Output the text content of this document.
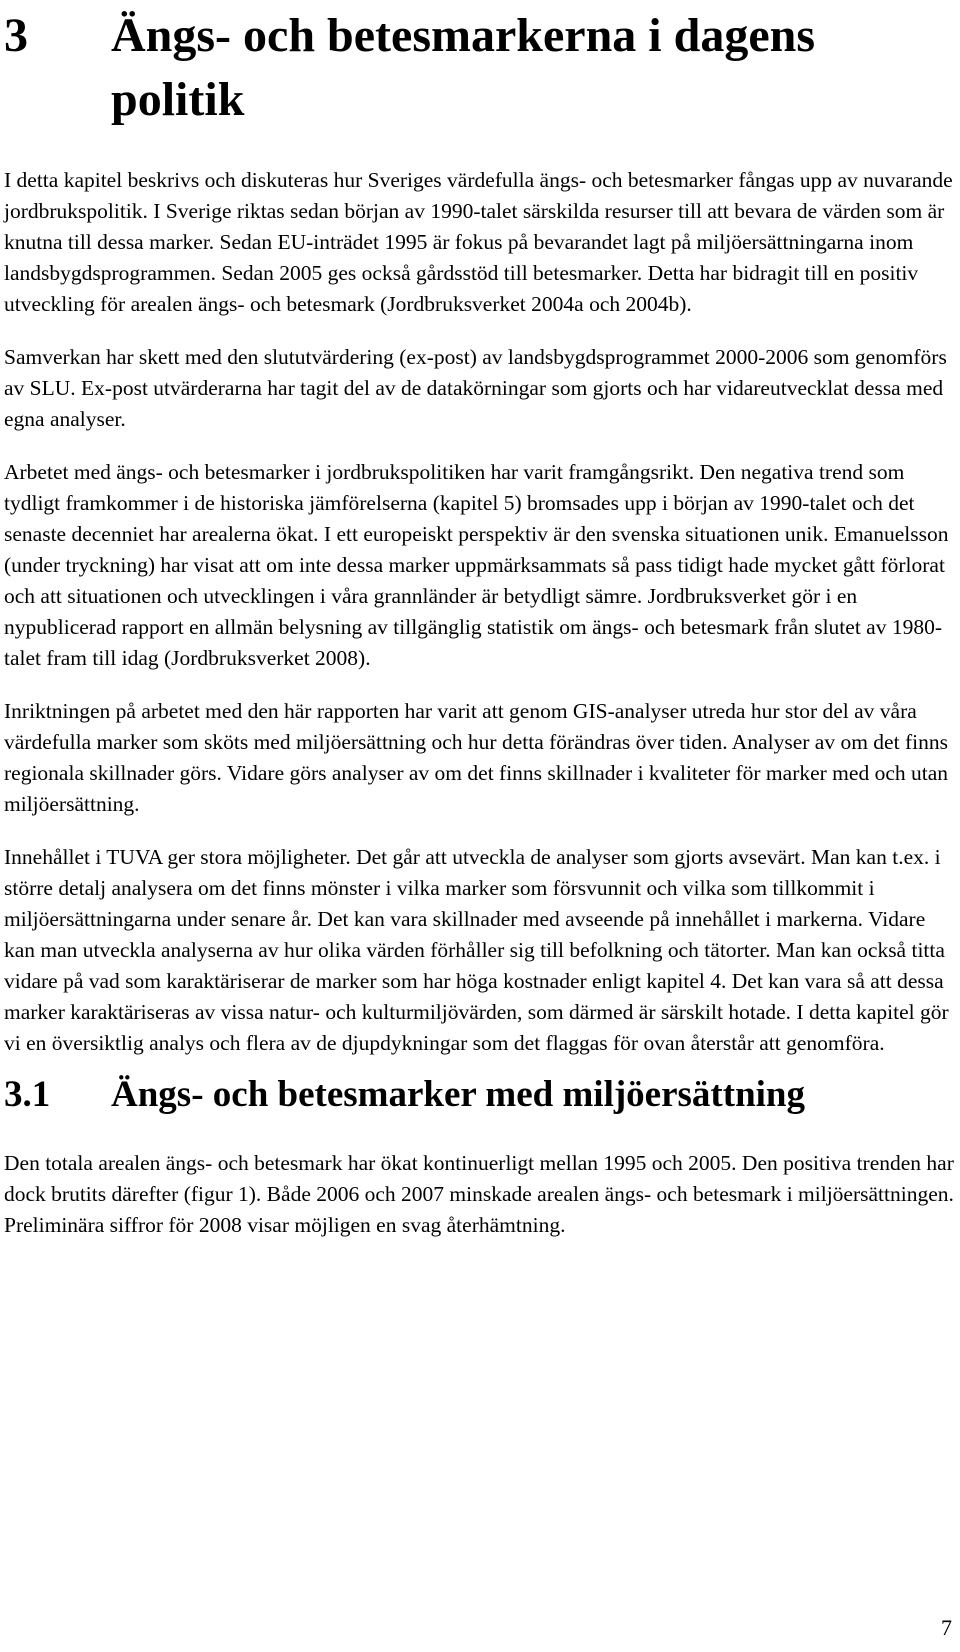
3 Ängs- och betesmarkerna i dagens politik

I detta kapitel beskrivs och diskuteras hur Sveriges värdefulla ängs- och betesmarker fångas upp av nuvarande jordbrukspolitik. I Sverige riktas sedan början av 1990-talet särskilda resurser till att bevara de värden som är knutna till dessa marker. Sedan EU-inträdet 1995 är fokus på bevarandet lagt på miljöersättningarna inom landsbygdsprogrammen. Sedan 2005 ges också gårdsstöd till betesmarker. Detta har bidragit till en positiv utveckling för arealen ängs- och betesmark (Jordbruksverket 2004a och 2004b).

Samverkan har skett med den slututvärdering (ex-post) av landsbygdsprogrammet 2000-2006 som genomförs av SLU. Ex-post utvärderarna har tagit del av de datakörningar som gjorts och har vidareutvecklat dessa med egna analyser.

Arbetet med ängs- och betesmarker i jordbrukspolitiken har varit framgångsrikt. Den negativa trend som tydligt framkommer i de historiska jämförelserna (kapitel 5) bromsades upp i början av 1990-talet och det senaste decenniet har arealerna ökat. I ett europeiskt perspektiv är den svenska situationen unik. Emanuelsson (under tryckning) har visat att om inte dessa marker uppmärksammats så pass tidigt hade mycket gått förlorat och att situationen och utvecklingen i våra grannländer är betydligt sämre. Jordbruksverket gör i en nypublicerad rapport en allmän belysning av tillgänglig statistik om ängs- och betesmark från slutet av 1980-talet fram till idag (Jordbruksverket 2008).

Inriktningen på arbetet med den här rapporten har varit att genom GIS-analyser utreda hur stor del av våra värdefulla marker som sköts med miljöersättning och hur detta förändras över tiden. Analyser av om det finns regionala skillnader görs. Vidare görs analyser av om det finns skillnader i kvaliteter för marker med och utan miljöersättning.

Innehållet i TUVA ger stora möjligheter. Det går att utveckla de analyser som gjorts avsevärt. Man kan t.ex. i större detalj analysera om det finns mönster i vilka marker som försvunnit och vilka som tillkommit i miljöersättningarna under senare år. Det kan vara skillnader med avseende på innehållet i markerna. Vidare kan man utveckla analyserna av hur olika värden förhåller sig till befolkning och tätorter. Man kan också titta vidare på vad som karaktäriserar de marker som har höga kostnader enligt kapitel 4. Det kan vara så att dessa marker karaktäriseras av vissa natur- och kulturmiljövärden, som därmed är särskilt hotade. I detta kapitel gör vi en översiktlig analys och flera av de djupdykningar som det flaggas för ovan återstår att genomföra.

3.1 Ängs- och betesmarker med miljöersättning

Den totala arealen ängs- och betesmark har ökat kontinuerligt mellan 1995 och 2005. Den positiva trenden har dock brutits därefter (figur 1). Både 2006 och 2007 minskade arealen ängs- och betesmark i miljöersättningen. Preliminära siffror för 2008 visar möjligen en svag återhämtning.

7
